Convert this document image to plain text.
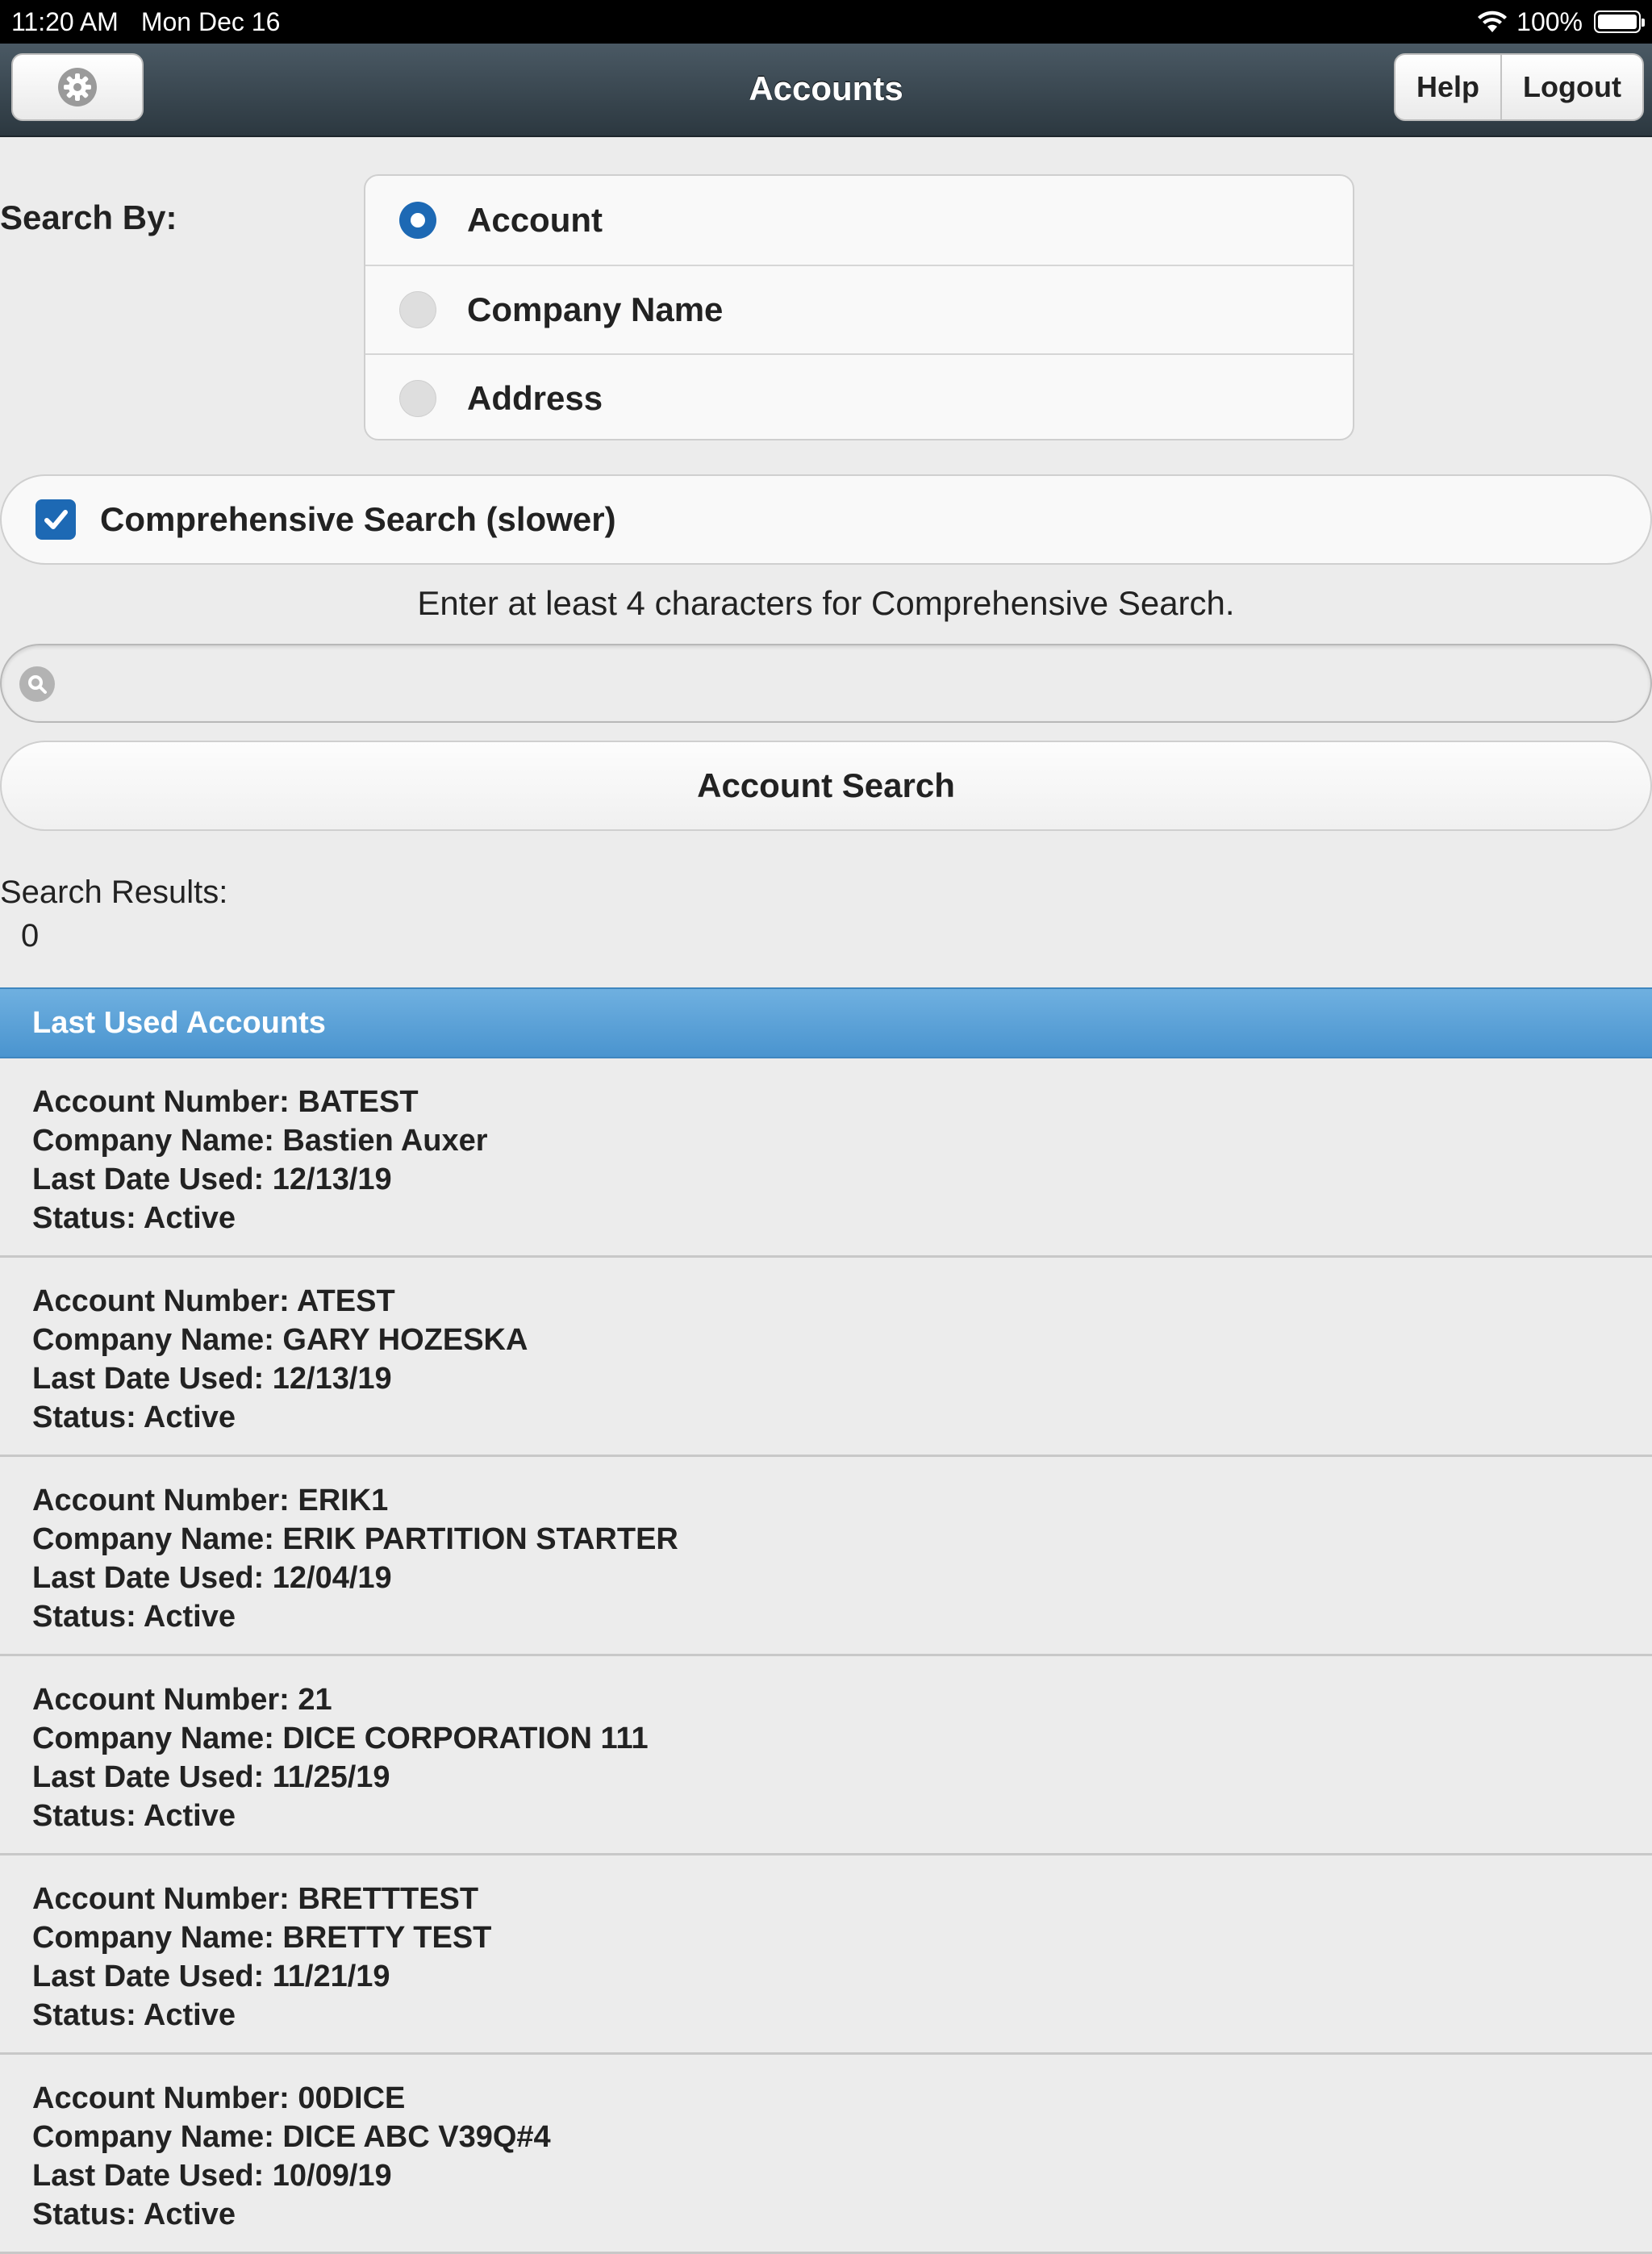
11:20 AM Mon Dec 16	100%
Accounts	Help	Logout
Search By:	Account
Company Name
Address
Comprehensive Search (slower)
Enter at least 4 characters for Comprehensive Search.
Account Search
Search Results:
0
Last Used Accounts
Account Number: BATEST
Company Name: Bastien Auxer
Last Date Used: 12/13/19
Status: Active
Account Number: ATEST
Company Name: GARY HOZESKA
Last Date Used: 12/13/19
Status: Active
Account Number: ERIK1
Company Name: ERIK PARTITION STARTER
Last Date Used: 12/04/19
Status: Active
Account Number: 21
Company Name: DICE CORPORATION 111
Last Date Used: 11/25/19
Status: Active
Account Number: BRETTTEST
Company Name: BRETTY TEST
Last Date Used: 11/21/19
Status: Active
Account Number: 00DICE
Company Name: DICE ABC V39Q#4
Last Date Used: 10/09/19
Status: Active
